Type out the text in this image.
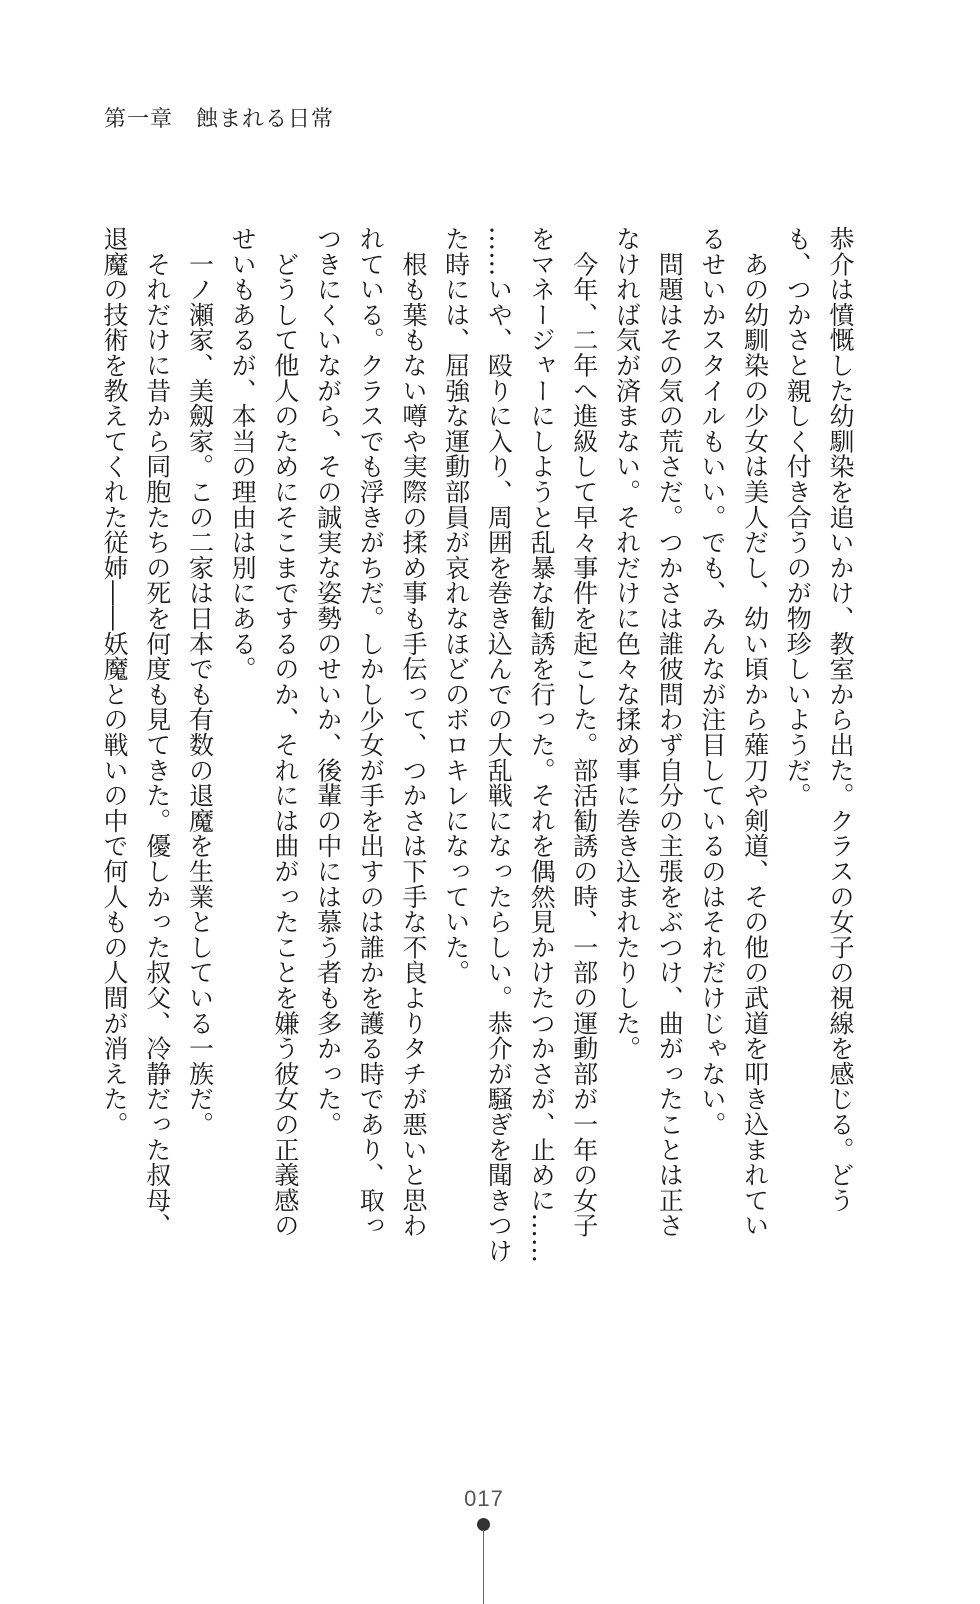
第一章　蝕まれる日常
恭介は憤慨した幼馴染を追いかけ、教室から出た。クラスの女子の視線を感じる。どう
も、つかさと親しく付き合うのが物珍しいようだ。
　あの幼馴染の少女は美人だし、幼い頃から薙刀や剣道、その他の武道を叩き込まれてい
るせいかスタイルもいい。でも、みんなが注目しているのはそれだけじゃない。
　問題はその気の荒さだ。つかさは誰彼問わず自分の主張をぶつけ、曲がったことは正さ
なければ気が済まない。それだけに色々な揉め事に巻き込まれたりした。
　今年、二年へ進級して早々事件を起こした。部活勧誘の時、一部の運動部が一年の女子
をマネージャーにしようと乱暴な勧誘を行った。それを偶然見かけたつかさが、止めに……
……いや、殴りに入り、周囲を巻き込んでの大乱戦になったらしい。恭介が騒ぎを聞きつけ
た時には、屈強な運動部員が哀れなほどのボロキレになっていた。
　根も葉もない噂や実際の揉め事も手伝って、つかさは下手な不良よりタチが悪いと思わ
れている。クラスでも浮きがちだ。しかし少女が手を出すのは誰かを護る時であり、取っ
つきにくいながら、その誠実な姿勢のせいか、後輩の中には慕う者も多かった。
　どうして他人のためにそこまでするのか、それには曲がったことを嫌う彼女の正義感の
せいもあるが、本当の理由は別にある。
　一ノ瀬家、美劔家。この二家は日本でも有数の退魔を生業としている一族だ。
　それだけに昔から同胞たちの死を何度も見てきた。優しかった叔父、冷静だった叔母、
退魔の技術を教えてくれた従姉――妖魔との戦いの中で何人もの人間が消えた。
017
